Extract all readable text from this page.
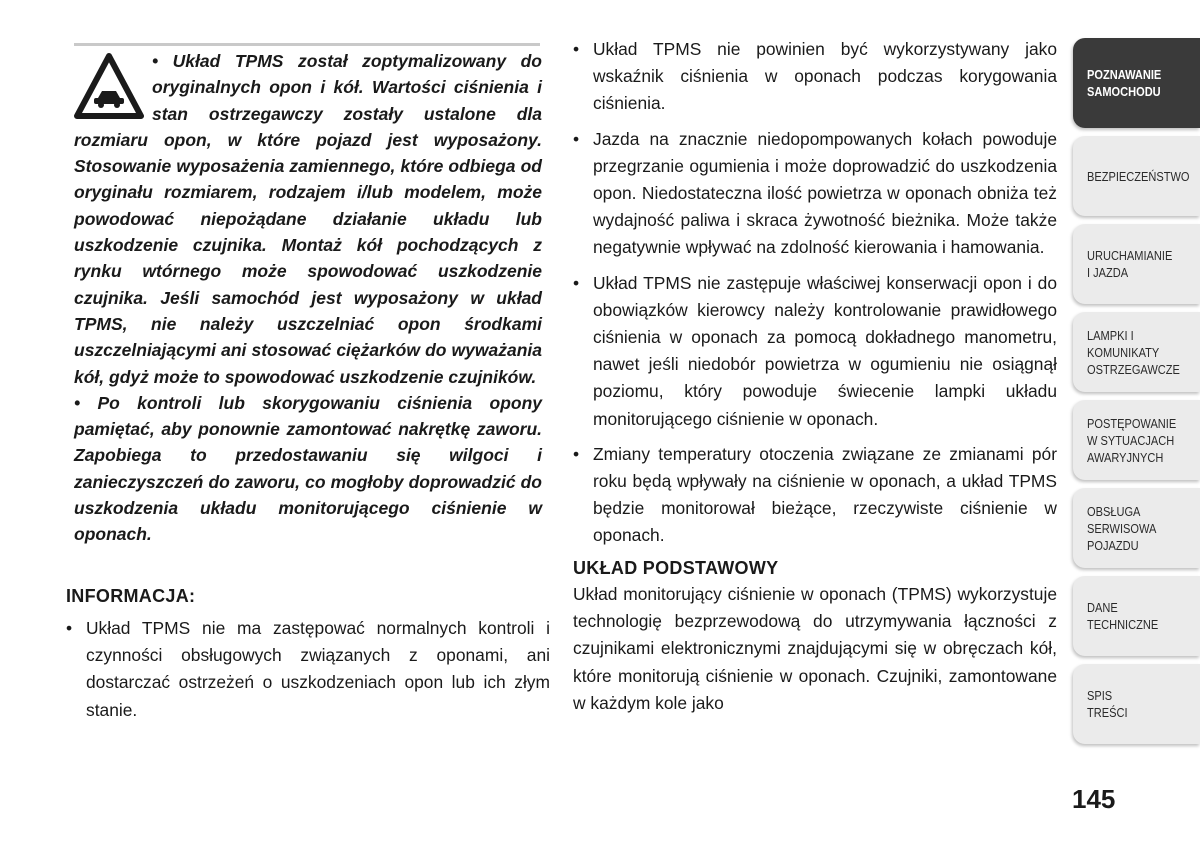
• Układ TPMS został zoptymalizowany do oryginalnych opon i kół. Wartości ciśnienia i stan ostrzegawczy zostały ustalone dla rozmiaru opon, w które pojazd jest wyposażony. Stosowanie wyposażenia zamiennego, które odbiega od oryginału rozmiarem, rodzajem i/lub modelem, może powodować niepożądane działanie układu lub uszkodzenie czujnika. Montaż kół pochodzących z rynku wtórnego może spowodować uszkodzenie czujnika. Jeśli samochód jest wyposażony w układ TPMS, nie należy uszczelniać opon środkami uszczelniającymi ani stosować ciężarków do wyważania kół, gdyż może to spowodować uszkodzenie czujników.

• Po kontroli lub skorygowaniu ciśnienia opony pamiętać, aby ponownie zamontować nakrętkę zaworu. Zapobiega to przedostawaniu się wilgoci i zanieczyszczeń do zaworu, co mogłoby doprowadzić do uszkodzenia układu monitorującego ciśnienie w oponach.

INFORMACJA:
• Układ TPMS nie ma zastępować normalnych kontroli i czynności obsługowych związanych z oponami, ani dostarczać ostrzeżeń o uszkodzeniach opon lub ich złym stanie.
• Układ TPMS nie powinien być wykorzystywany jako wskaźnik ciśnienia w oponach podczas korygowania ciśnienia.
• Jazda na znacznie niedopompowanych kołach powoduje przegrzanie ogumienia i może doprowadzić do uszkodzenia opon. Niedostateczna ilość powietrza w oponach obniża też wydajność paliwa i skraca żywotność bieżnika. Może także negatywnie wpływać na zdolność kierowania i hamowania.
• Układ TPMS nie zastępuje właściwej konserwacji opon i do obowiązków kierowcy należy kontrolowanie prawidłowego ciśnienia w oponach za pomocą dokładnego manometru, nawet jeśli niedobór powietrza w ogumieniu nie osiągnął poziomu, który powoduje świecenie lampki układu monitorującego ciśnienie w oponach.
• Zmiany temperatury otoczenia związane ze zmianami pór roku będą wpływały na ciśnienie w oponach, a układ TPMS będzie monitorował bieżące, rzeczywiste ciśnienie w oponach.
UKŁAD PODSTAWOWY

Układ monitorujący ciśnienie w oponach (TPMS) wykorzystuje technologię bezprzewodową do utrzymywania łączności z czujnikami elektronicznymi znajdującymi się w obręczach kół, które monitorują ciśnienie w oponach. Czujniki, zamontowane w każdym kole jako

POZNAWANIE
SAMOCHODU
BEZPIECZEŃSTWO
URUCHAMIANIE
I JAZDA
LAMPKI I
KOMUNIKATY
OSTRZEGAWCZE
POSTĘPOWANIE
W SYTUACJACH
AWARYJNYCH
OBSŁUGA
SERWISOWA
POJAZDU
DANE
TECHNICZNE
SPIS
TREŚCI
145
